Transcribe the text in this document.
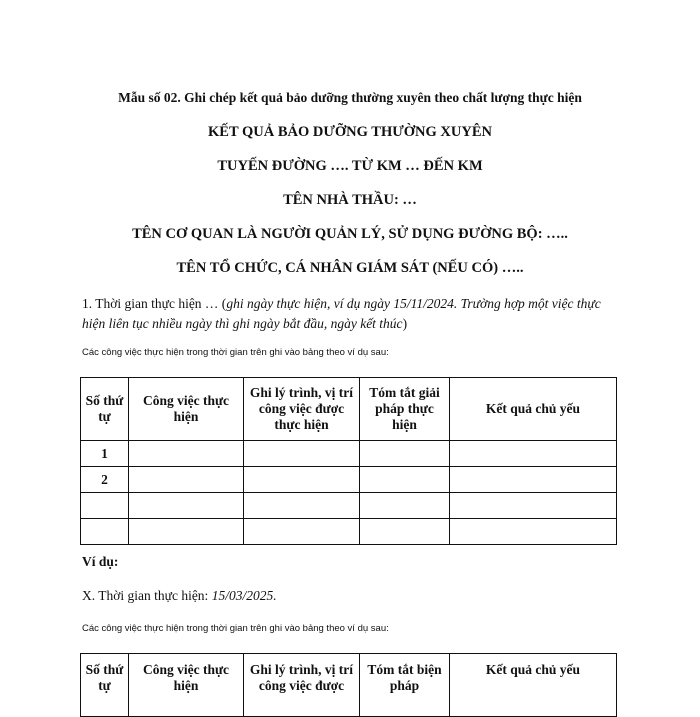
Mẫu số 02. Ghi chép kết quả bảo dưỡng thường xuyên theo chất lượng thực hiện
KẾT QUẢ BẢO DƯỠNG THƯỜNG XUYÊN
TUYẾN ĐƯỜNG …. TỪ KM … ĐẾN KM
TÊN NHÀ THẦU: …
TÊN CƠ QUAN LÀ NGƯỜI QUẢN LÝ, SỬ DỤNG ĐƯỜNG BỘ: …..
TÊN TỔ CHỨC, CÁ NHÂN GIÁM SÁT (NẾU CÓ) …..
1. Thời gian thực hiện … (ghi ngày thực hiện, ví dụ ngày 15/11/2024. Trường hợp một việc thực hiện liên tục nhiều ngày thì ghi ngày bắt đầu, ngày kết thúc)
Các công việc thực hiện trong thời gian trên ghi vào bảng theo ví dụ sau:
Số thứ tự	Công việc thực hiện	Ghi lý trình, vị trí công việc được thực hiện	Tóm tắt giải pháp thực hiện	Kết quả chủ yếu
1				
2				

Ví dụ:
X. Thời gian thực hiện: 15/03/2025.
Các công việc thực hiện trong thời gian trên ghi vào bảng theo ví dụ sau:
Số thứ tự	Công việc thực hiện	Ghi lý trình, vị trí công việc được	Tóm tắt biện pháp	Kết quả chủ yếu
